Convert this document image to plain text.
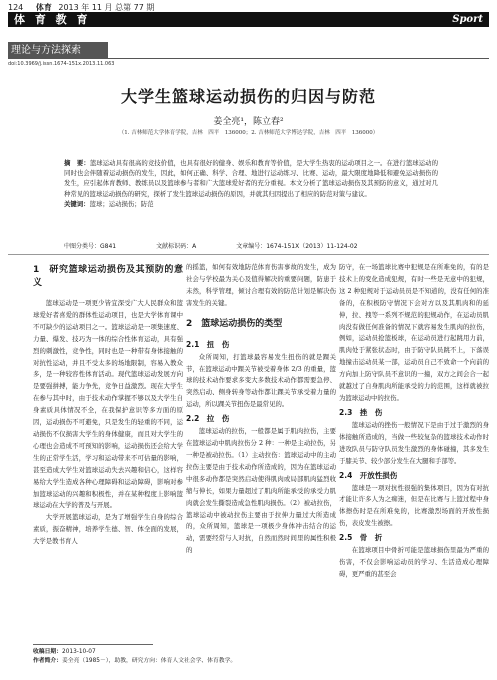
124 体育 2013 年 11 月 总第 77 期
体 育 教 育	Sport
理论与方法探索
doi:10.3969/j.issn.1674-151x.2013.11.063
大学生篮球运动损伤的归因与防范
姜全亮¹，陈立春²
（1. 吉林师范大学体育学院，吉林　四平　136000；2. 吉林师范大学博达学院，吉林　四平　136000）
摘　要：篮球运动具有很高的竞技价值，也具有很好的健身、娱乐和教育等价值，是大学生热衷的运动项目之一。在进行篮球运动的同时也会伴随着运动损伤的发生，因此，如何正确、科学、合理、地进行运动练习、比赛、运动，最大限度地降低和避免运动损伤的发生，应引起体育教师、教练员以及篮球参与者和广大篮球爱好者的充分重视。本文分析了篮球运动损伤及其预防的意义，通过对几种常见的篮球运动损伤的研究，探析了发生篮球运动损伤的原因，并就其归因提出了相应的防范对策与建议。
关键词：篮球；运动损伤；防范
中图分类号：G841	文献标识码：A	文章编号：1674-151X（2013）11-124-02
1　研究篮球运动损伤及其预防的意义

篮球运动是一项更少皆宜深受广大人民群众和篮球爱好者喜爱的群体性运动项目，也是大学体育课中不可缺少的运动项目之一。篮球运动是一项集速度、力量、爆发、技巧为一体的综合性体育运动，具有强烈的刺激性，竞争性，同时也是一种带有身体接触的对抗性运动，并且不受太多的场地限制，容易入教众多，是一种较容性体育活动。现代篮球运动发展方向是要强拼搏，能力争先，竞争日益激烈。现在大学生在参与其中时，由于技术动作掌握不够以及大学生自身素质具体情况不全，在我保护意识等多方面的原因，运动损伤不可避免，只是发生的轻重的不同，运动损伤不仅损害大学生的身体健康，而且对大学生的心理也会造成不可预知的影响，运动损伤还会给大学生的正常学生活，学习和运动带来不可估量的影响，甚至造成大学生对篮球运动失去兴趣和信心，这样容易给大学生造成各种心理障碍和运动障碍，影响对参加篮球运动的兴趣和积极性，并在某种程度上影响篮球运动在大学的普及与开展。

大学开展篮球运动，是为了增强学生自身的综合素质，振奋精神，培养学生德、智、体全面的发展，大学是教书育人

的摇篮，如何有效地防范体育伤害事故的发生，成为社会与学校最为关心及值得解决的重要问题，防患于未然，科学管理，倾讨合理有效的防范计划是解决伤害发生的关键。

2　篮球运动损伤的类型
2.1　扭　伤

众所周知，打篮球最容易发生扭伤的就是踝关节，在篮球运动中踝关节被受着身体 2/3 的重量，篮球的技术动作要求多变大多数技术动作都需要急停、突然启动、侧身转身等动作都让踝关节承受着力量的运动，所以踝关节扭伤是最常见的。

2.2　拉　伤

篮球运动的拉伤，一般都是属于肌肉拉伤，主要在篮球运动中肌肉拉伤分 2 种：一种是主动拉伤，另一种是被动拉伤。（1）主动拉伤：篮球运动中的主动拉伤主要是由于技术动作所造成的，因为在篮球运动中很多动作都是突然启动使得肌肉或局部肌肉猛烈收缩与伸长，如果力量超过了肌肉所能承受的承受力肌肉就会发生撕裂造成急性肌肉损伤。（2）被动拉伤，篮球运动中被动拉伤主要由于拉伸力量过大所造成的，众所周知，篮球是一项极少身体冲击结合的运动，需要经常与人对抗，自然而然时间里的属性积极的

防守，在一场篮球比赛中犯规是在所难免的，有的是技术上的变化造成犯规，有时一些是无意中的犯规，这 2 种犯规对于运动员员是不知道的，没有任何的准备的，在积极防守情况下会对方以及其肌肉和的延伸，拉、拽等一系列不规范的犯规动作，在运动员肌肉没有做任何准备的情况下就容易发生肌肉的拉伤，例如，运动员抢篮板球，在运动员进行起跳用力前，肌肉处于紧张状态时，由于防守队员跳不上，下落误地撞击运动员某一部，运动员自己不致命一个向前的方向加上防守队员不意识的一撞，双方之间会合一起就越过了自身肌肉所能承受的力的范围，这样就被拉为篮球运动中的拉伤。

2.3　挫　伤

篮球运动的挫伤一般情况下是由于过于激烈的身体接触所造成的，当做一些较复杂的篮球技术动作时进攻队员与防守队员发生激烈的身体碰撞，其多发生于膝关节、较少部分发生在大腿和手部等。

2.4　开放性损伤

篮球是一项对抗性很强的集体项目，因为有对抗才能让许多人为之痴迷，但是在比赛与上篮过程中身体擦伤时是在所难免的，比赛激烈场面的开放性损伤，表皮发生被擦。

2.5　骨　折

在篮球项目中骨折可能是篮球损伤里最为严重的伤害，不仅会影响运动员的学习、生活造成心理障碍，更严重的甚至会

收稿日期：2013-10-07
作者简介：姜全亮（1985－），助教，研究方向：体育人文社会学、体育教学。
